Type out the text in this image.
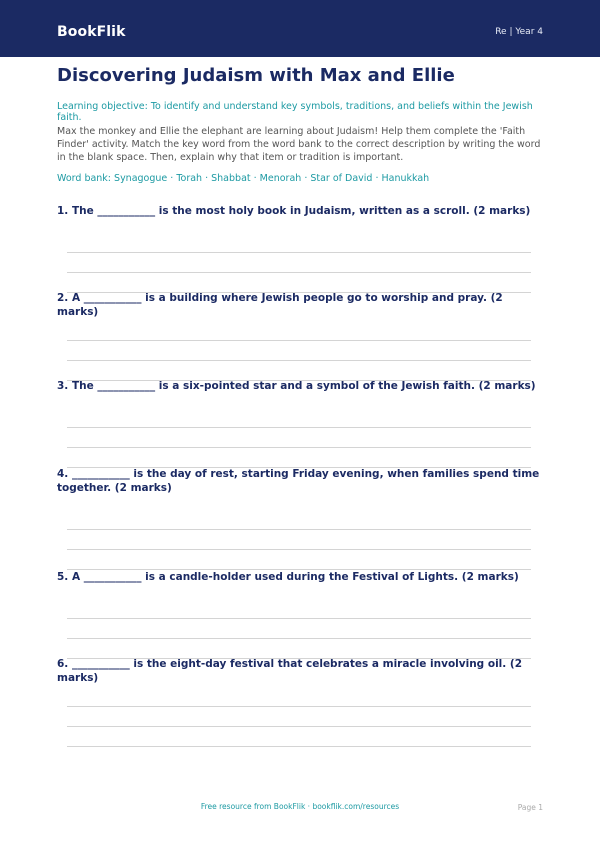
BookFlik	Re | Year 4
Discovering Judaism with Max and Ellie
Learning objective: To identify and understand key symbols, traditions, and beliefs within the Jewish faith.
Max the monkey and Ellie the elephant are learning about Judaism! Help them complete the 'Faith Finder' activity. Match the key word from the word bank to the correct description by writing the word in the blank space. Then, explain why that item or tradition is important.
Word bank: Synagogue · Torah · Shabbat · Menorah · Star of David · Hanukkah
1. The ___________ is the most holy book in Judaism, written as a scroll. (2 marks)
2. A ___________ is a building where Jewish people go to worship and pray. (2 marks)
3. The ___________ is a six-pointed star and a symbol of the Jewish faith. (2 marks)
4. ___________ is the day of rest, starting Friday evening, when families spend time together. (2 marks)
5. A ___________ is a candle-holder used during the Festival of Lights. (2 marks)
6. ___________ is the eight-day festival that celebrates a miracle involving oil. (2 marks)
Free resource from BookFlik · bookflik.com/resources	Page 1
